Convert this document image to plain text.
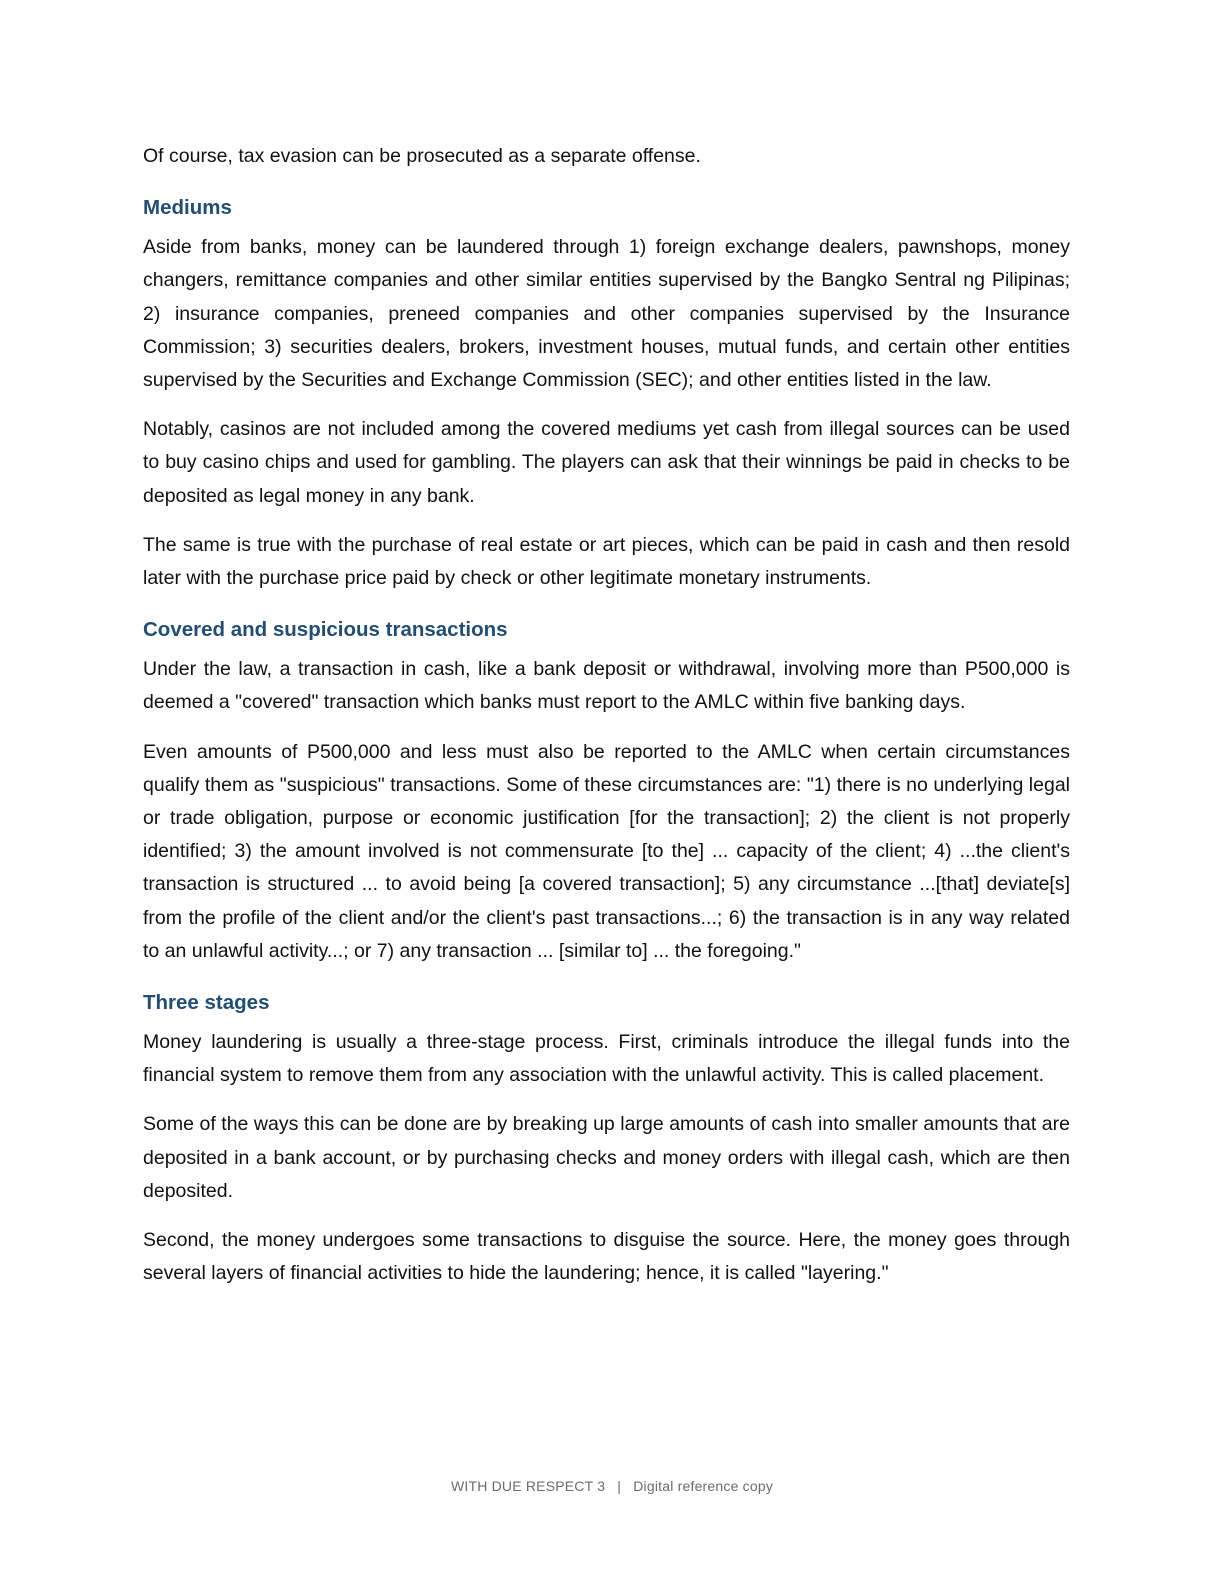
Of course, tax evasion can be prosecuted as a separate offense.

Mediums

Aside from banks, money can be laundered through 1) foreign exchange dealers, pawnshops, money changers, remittance companies and other similar entities supervised by the Bangko Sentral ng Pilipinas; 2) insurance companies, preneed companies and other companies supervised by the Insurance Commission; 3) securities dealers, brokers, investment houses, mutual funds, and certain other entities supervised by the Securities and Exchange Commission (SEC); and other entities listed in the law.

Notably, casinos are not included among the covered mediums yet cash from illegal sources can be used to buy casino chips and used for gambling. The players can ask that their winnings be paid in checks to be deposited as legal money in any bank.

The same is true with the purchase of real estate or art pieces, which can be paid in cash and then resold later with the purchase price paid by check or other legitimate monetary instruments.

Covered and suspicious transactions

Under the law, a transaction in cash, like a bank deposit or withdrawal, involving more than P500,000 is deemed a "covered" transaction which banks must report to the AMLC within five banking days.

Even amounts of P500,000 and less must also be reported to the AMLC when certain circumstances qualify them as "suspicious" transactions. Some of these circumstances are: "1) there is no underlying legal or trade obligation, purpose or economic justification [for the transaction]; 2) the client is not properly identified; 3) the amount involved is not commensurate [to the] ... capacity of the client; 4) ...the client's transaction is structured ... to avoid being [a covered transaction]; 5) any circumstance ...[that] deviate[s] from the profile of the client and/or the client's past transactions...; 6) the transaction is in any way related to an unlawful activity...; or 7) any transaction ... [similar to] ... the foregoing."

Three stages

Money laundering is usually a three-stage process. First, criminals introduce the illegal funds into the financial system to remove them from any association with the unlawful activity. This is called placement.

Some of the ways this can be done are by breaking up large amounts of cash into smaller amounts that are deposited in a bank account, or by purchasing checks and money orders with illegal cash, which are then deposited.

Second, the money undergoes some transactions to disguise the source. Here, the money goes through several layers of financial activities to hide the laundering; hence, it is called "layering."

WITH DUE RESPECT 3 | Digital reference copy
